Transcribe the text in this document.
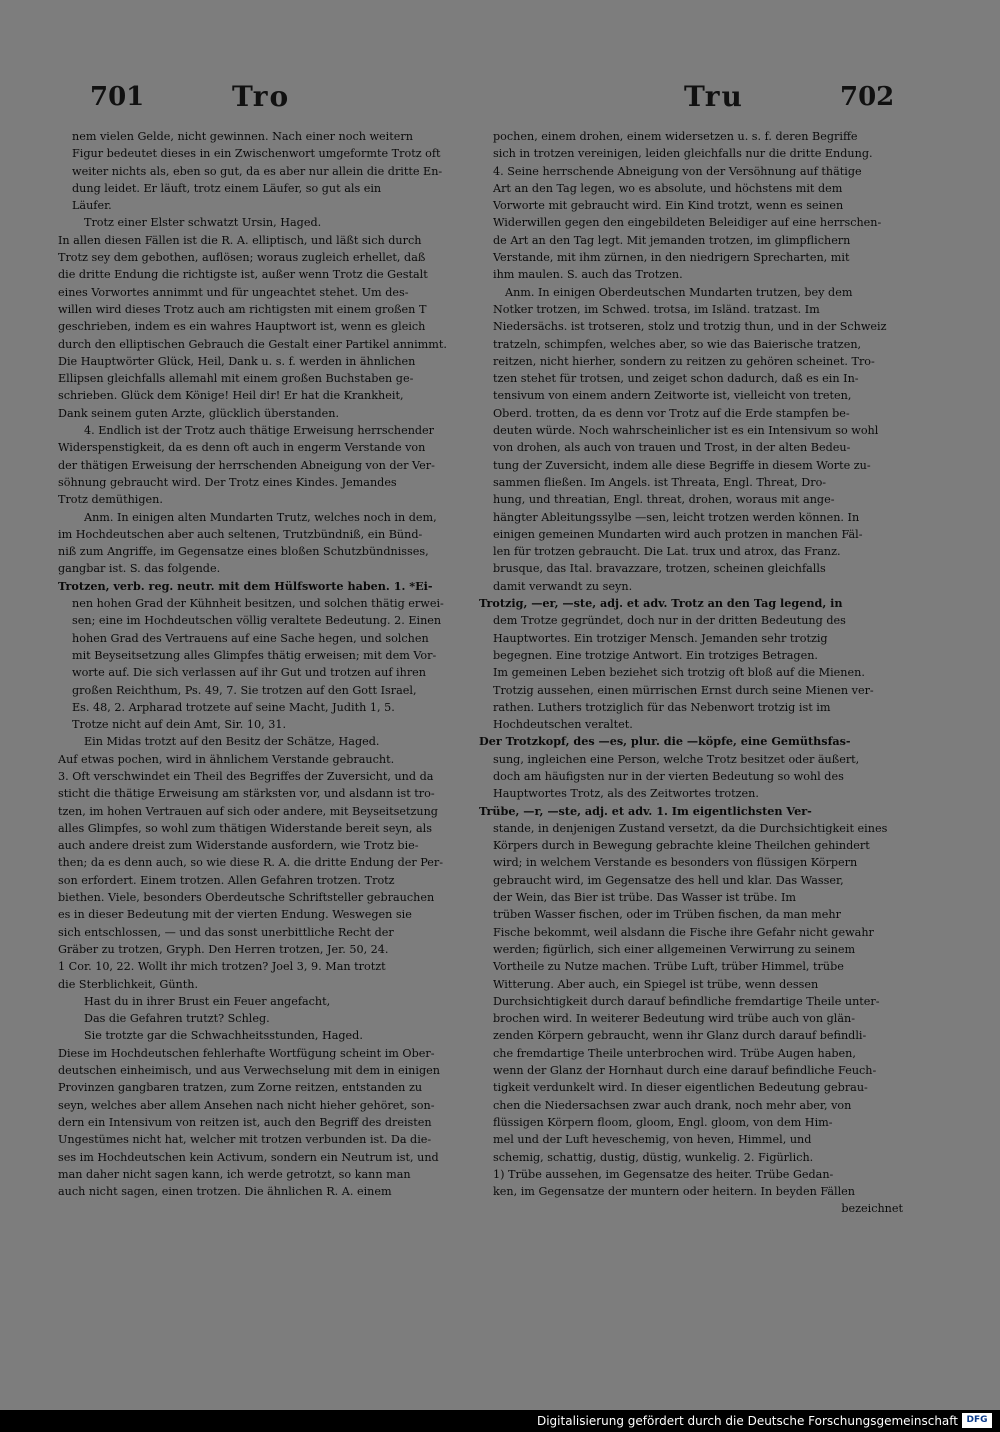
701	Tro	Tru	702
nem vielen Gelde, nicht gewinnen. Nach einer noch weitern
Figur bedeutet dieses in ein Zwischenwort umgeformte Trotz oft
weiter nichts als, eben so gut, da es aber nur allein die dritte En-
dung leidet. Er läuft, trotz einem Läufer, so gut als ein
Läufer.
Trotz einer Elster schwatzt Ursin, Haged.
In allen diesen Fällen ist die R. A. elliptisch, und läßt sich durch
Trotz sey dem gebothen, auflösen; woraus zugleich erhellet, daß
die dritte Endung die richtigste ist, außer wenn Trotz die Gestalt
eines Vorwortes annimmt und für ungeachtet stehet. Um des-
willen wird dieses Trotz auch am richtigsten mit einem großen T
geschrieben, indem es ein wahres Hauptwort ist, wenn es gleich
durch den elliptischen Gebrauch die Gestalt einer Partikel annimmt.
Die Hauptwörter Glück, Heil, Dank u. s. f. werden in ähnlichen
Ellipsen gleichfalls allemahl mit einem großen Buchstaben ge-
schrieben. Glück dem Könige! Heil dir! Er hat die Krankheit,
Dank seinem guten Arzte, glücklich überstanden.
4. Endlich ist der Trotz auch thätige Erweisung herrschender
Widerspenstigkeit, da es denn oft auch in engerm Verstande von
der thätigen Erweisung der herrschenden Abneigung von der Ver-
söhnung gebraucht wird. Der Trotz eines Kindes. Jemandes
Trotz demüthigen.
Anm. In einigen alten Mundarten Trutz, welches noch in dem,
im Hochdeutschen aber auch seltenen, Trutzbündniß, ein Bünd-
niß zum Angriffe, im Gegensatze eines bloßen Schutzbündnisses,
gangbar ist. S. das folgende.
Trotzen, verb. reg. neutr. mit dem Hülfsworte haben. 1. *Ei-
nen hohen Grad der Kühnheit besitzen, und solchen thätig erwei-
sen; eine im Hochdeutschen völlig veraltete Bedeutung. 2. Einen
hohen Grad des Vertrauens auf eine Sache hegen, und solchen
mit Beyseitsetzung alles Glimpfes thätig erweisen; mit dem Vor-
worte auf. Die sich verlassen auf ihr Gut und trotzen auf ihren
großen Reichthum, Ps. 49, 7. Sie trotzen auf den Gott Israel,
Es. 48, 2. Arpharad trotzete auf seine Macht, Judith 1, 5.
Trotze nicht auf dein Amt, Sir. 10, 31.
Ein Midas trotzt auf den Besitz der Schätze, Haged.
Auf etwas pochen, wird in ähnlichem Verstande gebraucht.
3. Oft verschwindet ein Theil des Begriffes der Zuversicht, und da
sticht die thätige Erweisung am stärksten vor, und alsdann ist tro-
tzen, im hohen Vertrauen auf sich oder andere, mit Beyseitsetzung
alles Glimpfes, so wohl zum thätigen Widerstande bereit seyn, als
auch andere dreist zum Widerstande ausfordern, wie Trotz bie-
then; da es denn auch, so wie diese R. A. die dritte Endung der Per-
son erfordert. Einem trotzen. Allen Gefahren trotzen. Trotz
biethen. Viele, besonders Oberdeutsche Schriftsteller gebrauchen
es in dieser Bedeutung mit der vierten Endung. Weswegen sie
sich entschlossen, — und das sonst unerbittliche Recht der
Gräber zu trotzen, Gryph. Den Herren trotzen, Jer. 50, 24.
1 Cor. 10, 22. Wollt ihr mich trotzen? Joel 3, 9. Man trotzt
die Sterblichkeit, Günth.
Hast du in ihrer Brust ein Feuer angefacht,
Das die Gefahren trutzt? Schleg.
Sie trotzte gar die Schwachheitsstunden, Haged.
Diese im Hochdeutschen fehlerhafte Wortfügung scheint im Ober-
deutschen einheimisch, und aus Verwechselung mit dem in einigen
Provinzen gangbaren tratzen, zum Zorne reitzen, entstanden zu
seyn, welches aber allem Ansehen nach nicht hieher gehöret, son-
dern ein Intensivum von reitzen ist, auch den Begriff des dreisten
Ungestümes nicht hat, welcher mit trotzen verbunden ist. Da die-
ses im Hochdeutschen kein Activum, sondern ein Neutrum ist, und
man daher nicht sagen kann, ich werde getrotzt, so kann man
auch nicht sagen, einen trotzen. Die ähnlichen R. A. einem
pochen, einem drohen, einem widersetzen u. s. f. deren Begriffe
sich in trotzen vereinigen, leiden gleichfalls nur die dritte Endung.
4. Seine herrschende Abneigung von der Versöhnung auf thätige
Art an den Tag legen, wo es absolute, und höchstens mit dem
Vorworte mit gebraucht wird. Ein Kind trotzt, wenn es seinen
Widerwillen gegen den eingebildeten Beleidiger auf eine herrschen-
de Art an den Tag legt. Mit jemanden trotzen, im glimpflichern
Verstande, mit ihm zürnen, in den niedrigern Sprecharten, mit
ihm maulen. S. auch das Trotzen.
Anm. In einigen Oberdeutschen Mundarten trutzen, bey dem
Notker trotzen, im Schwed. trotsa, im Isländ. tratzast. Im
Niedersächs. ist trotseren, stolz und trotzig thun, und in der Schweiz
tratzeln, schimpfen, welches aber, so wie das Baierische tratzen,
reitzen, nicht hierher, sondern zu reitzen zu gehören scheinet. Tro-
tzen stehet für trotsen, und zeiget schon dadurch, daß es ein In-
tensivum von einem andern Zeitworte ist, vielleicht von treten,
Oberd. trotten, da es denn vor Trotz auf die Erde stampfen be-
deuten würde. Noch wahrscheinlicher ist es ein Intensivum so wohl
von drohen, als auch von trauen und Trost, in der alten Bedeu-
tung der Zuversicht, indem alle diese Begriffe in diesem Worte zu-
sammen fließen. Im Angels. ist Threata, Engl. Threat, Dro-
hung, und threatian, Engl. threat, drohen, woraus mit ange-
hängter Ableitungssylbe —sen, leicht trotzen werden können. In
einigen gemeinen Mundarten wird auch protzen in manchen Fäl-
len für trotzen gebraucht. Die Lat. trux und atrox, das Franz.
brusque, das Ital. bravazzare, trotzen, scheinen gleichfalls
damit verwandt zu seyn.
Trotzig, —er, —ste, adj. et adv. Trotz an den Tag legend, in
dem Trotze gegründet, doch nur in der dritten Bedeutung des
Hauptwortes. Ein trotziger Mensch. Jemanden sehr trotzig
begegnen. Eine trotzige Antwort. Ein trotziges Betragen.
Im gemeinen Leben beziehet sich trotzig oft bloß auf die Mienen.
Trotzig aussehen, einen mürrischen Ernst durch seine Mienen ver-
rathen. Luthers trotziglich für das Nebenwort trotzig ist im
Hochdeutschen veraltet.
Der Trotzkopf, des —es, plur. die —köpfe, eine Gemüthsfas-
sung, ingleichen eine Person, welche Trotz besitzet oder äußert,
doch am häufigsten nur in der vierten Bedeutung so wohl des
Hauptwortes Trotz, als des Zeitwortes trotzen.
Trübe, —r, —ste, adj. et adv. 1. Im eigentlichsten Ver-
stande, in denjenigen Zustand versetzt, da die Durchsichtigkeit eines
Körpers durch in Bewegung gebrachte kleine Theilchen gehindert
wird; in welchem Verstande es besonders von flüssigen Körpern
gebraucht wird, im Gegensatze des hell und klar. Das Wasser,
der Wein, das Bier ist trübe. Das Wasser ist trübe. Im
trüben Wasser fischen, oder im Trüben fischen, da man mehr
Fische bekommt, weil alsdann die Fische ihre Gefahr nicht gewahr
werden; figürlich, sich einer allgemeinen Verwirrung zu seinem
Vortheile zu Nutze machen. Trübe Luft, trüber Himmel, trübe
Witterung. Aber auch, ein Spiegel ist trübe, wenn dessen
Durchsichtigkeit durch darauf befindliche fremdartige Theile unter-
brochen wird. In weiterer Bedeutung wird trübe auch von glän-
zenden Körpern gebraucht, wenn ihr Glanz durch darauf befindli-
che fremdartige Theile unterbrochen wird. Trübe Augen haben,
wenn der Glanz der Hornhaut durch eine darauf befindliche Feuch-
tigkeit verdunkelt wird. In dieser eigentlichen Bedeutung gebrau-
chen die Niedersachsen zwar auch drank, noch mehr aber, von
flüssigen Körpern floom, gloom, Engl. gloom, von dem Him-
mel und der Luft heveschemig, von heven, Himmel, und
schemig, schattig, dustig, düstig, wunkelig. 2. Figürlich.
1) Trübe aussehen, im Gegensatze des heiter. Trübe Gedan-
ken, im Gegensatze der muntern oder heitern. In beyden Fällen
bezeichnet
Digitalisierung gefördert durch die Deutsche Forschungsgemeinschaft DFG
